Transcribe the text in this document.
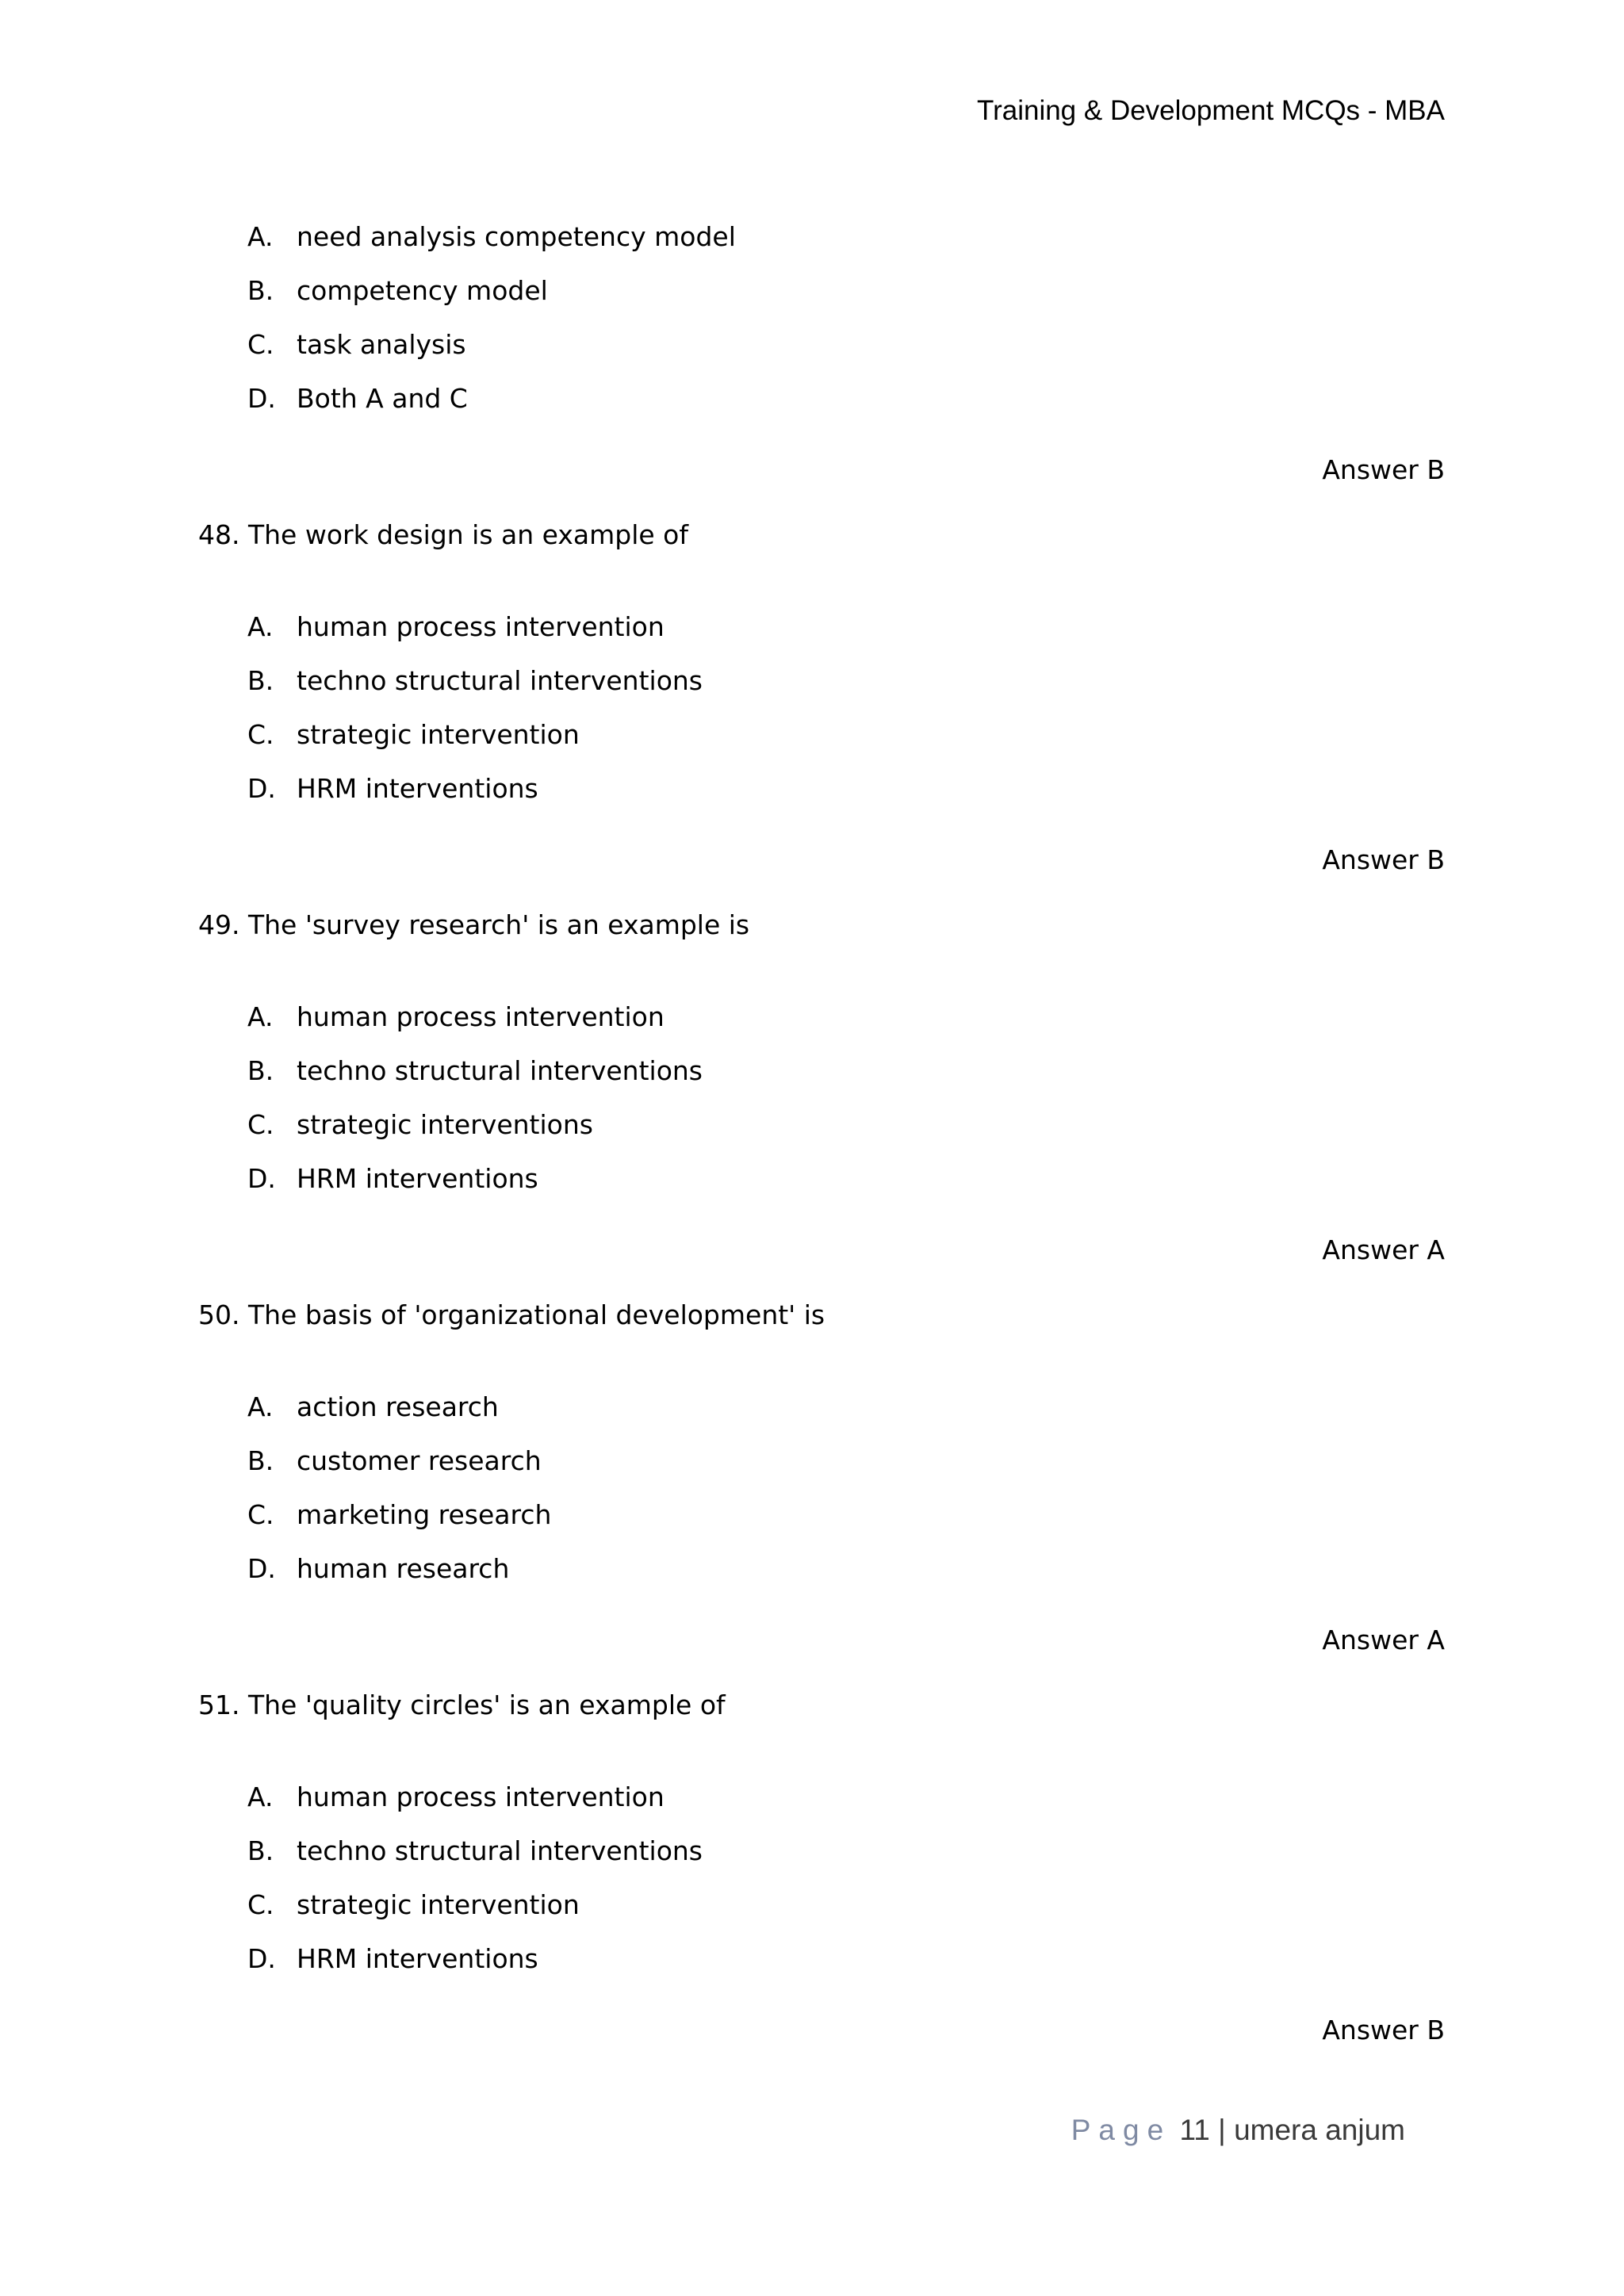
Training & Development MCQs - MBA
A. need analysis competency model
B. competency model
C. task analysis
D. Both A and C
Answer B
48. The work design is an example of
A. human process intervention
B. techno structural interventions
C. strategic intervention
D. HRM interventions
Answer B
49. The 'survey research' is an example is
A. human process intervention
B. techno structural interventions
C. strategic interventions
D. HRM interventions
Answer A
50. The basis of 'organizational development' is
A. action research
B. customer research
C. marketing research
D. human research
Answer A
51. The 'quality circles' is an example of
A. human process intervention
B. techno structural interventions
C. strategic intervention
D. HRM interventions
Answer B
Page 11 | umera anjum
